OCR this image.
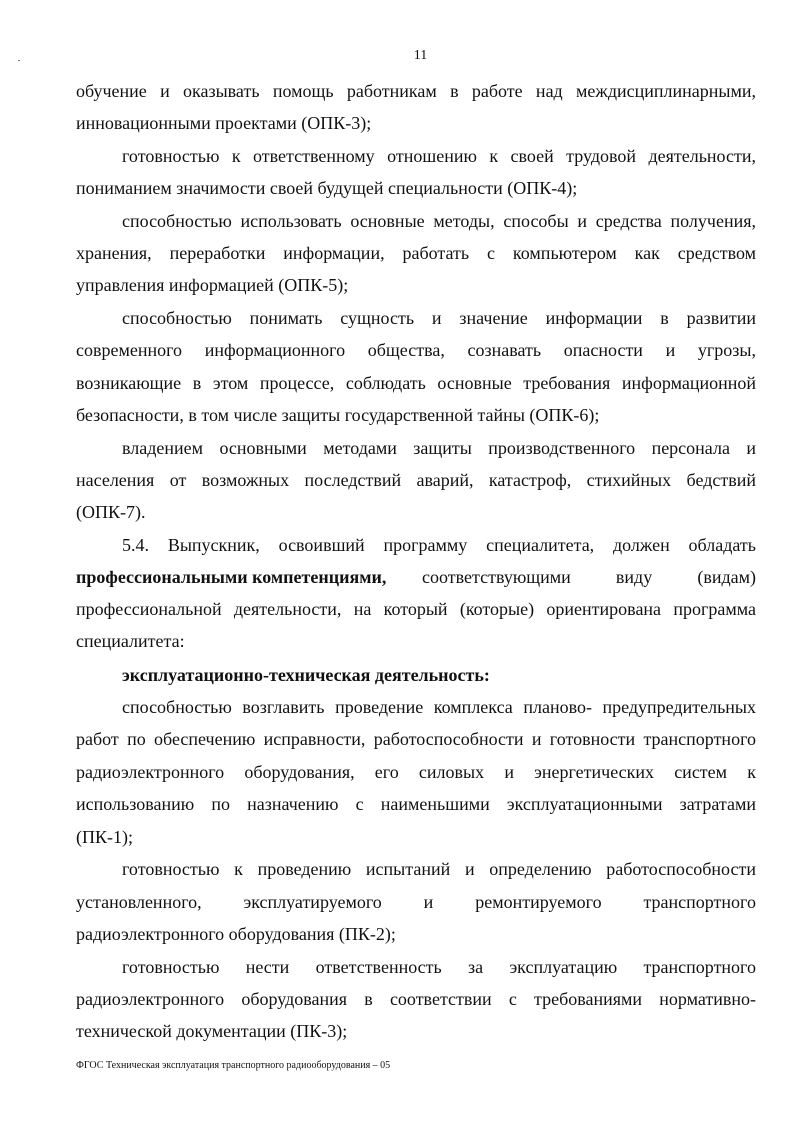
11
обучение и оказывать помощь работникам в работе над междисциплинарными,
инновационными проектами (ОПК-3);
готовностью к ответственному отношению к своей трудовой деятельности,
пониманием значимости своей будущей специальности (ОПК-4);
способностью использовать основные методы, способы и средства получения,
хранения, переработки информации, работать с компьютером как средством
управления информацией (ОПК-5);
способностью понимать сущность и значение информации в развитии
современного информационного общества, сознавать опасности и угрозы,
возникающие в этом процессе, соблюдать основные требования информационной
безопасности, в том числе защиты государственной тайны (ОПК-6);
владением основными методами защиты производственного персонала и
населения от возможных последствий аварий, катастроф, стихийных бедствий
(ОПК-7).
5.4. Выпускник, освоивший программу специалитета, должен обладать
профессиональными компетенциями,	соответствующими виду (видам)
профессиональной деятельности, на который (которые) ориентирована программа
специалитета:
эксплуатационно-техническая деятельность:
способностью возглавить проведение комплекса планово- предупредительных
работ по обеспечению исправности, работоспособности и готовности транспортного
радиоэлектронного оборудования, его силовых и энергетических систем к
использованию по назначению с наименьшими эксплуатационными затратами
(ПК-1);
готовностью к проведению испытаний и определению работоспособности
установленного, эксплуатируемого и ремонтируемого транспортного
радиоэлектронного оборудования (ПК-2);
готовностью нести ответственность за эксплуатацию транспортного
радиоэлектронного оборудования в соответствии с требованиями нормативно-
технической документации (ПК-3);
ФГОС Техническая эксплуатация транспортного радиооборудования – 05
